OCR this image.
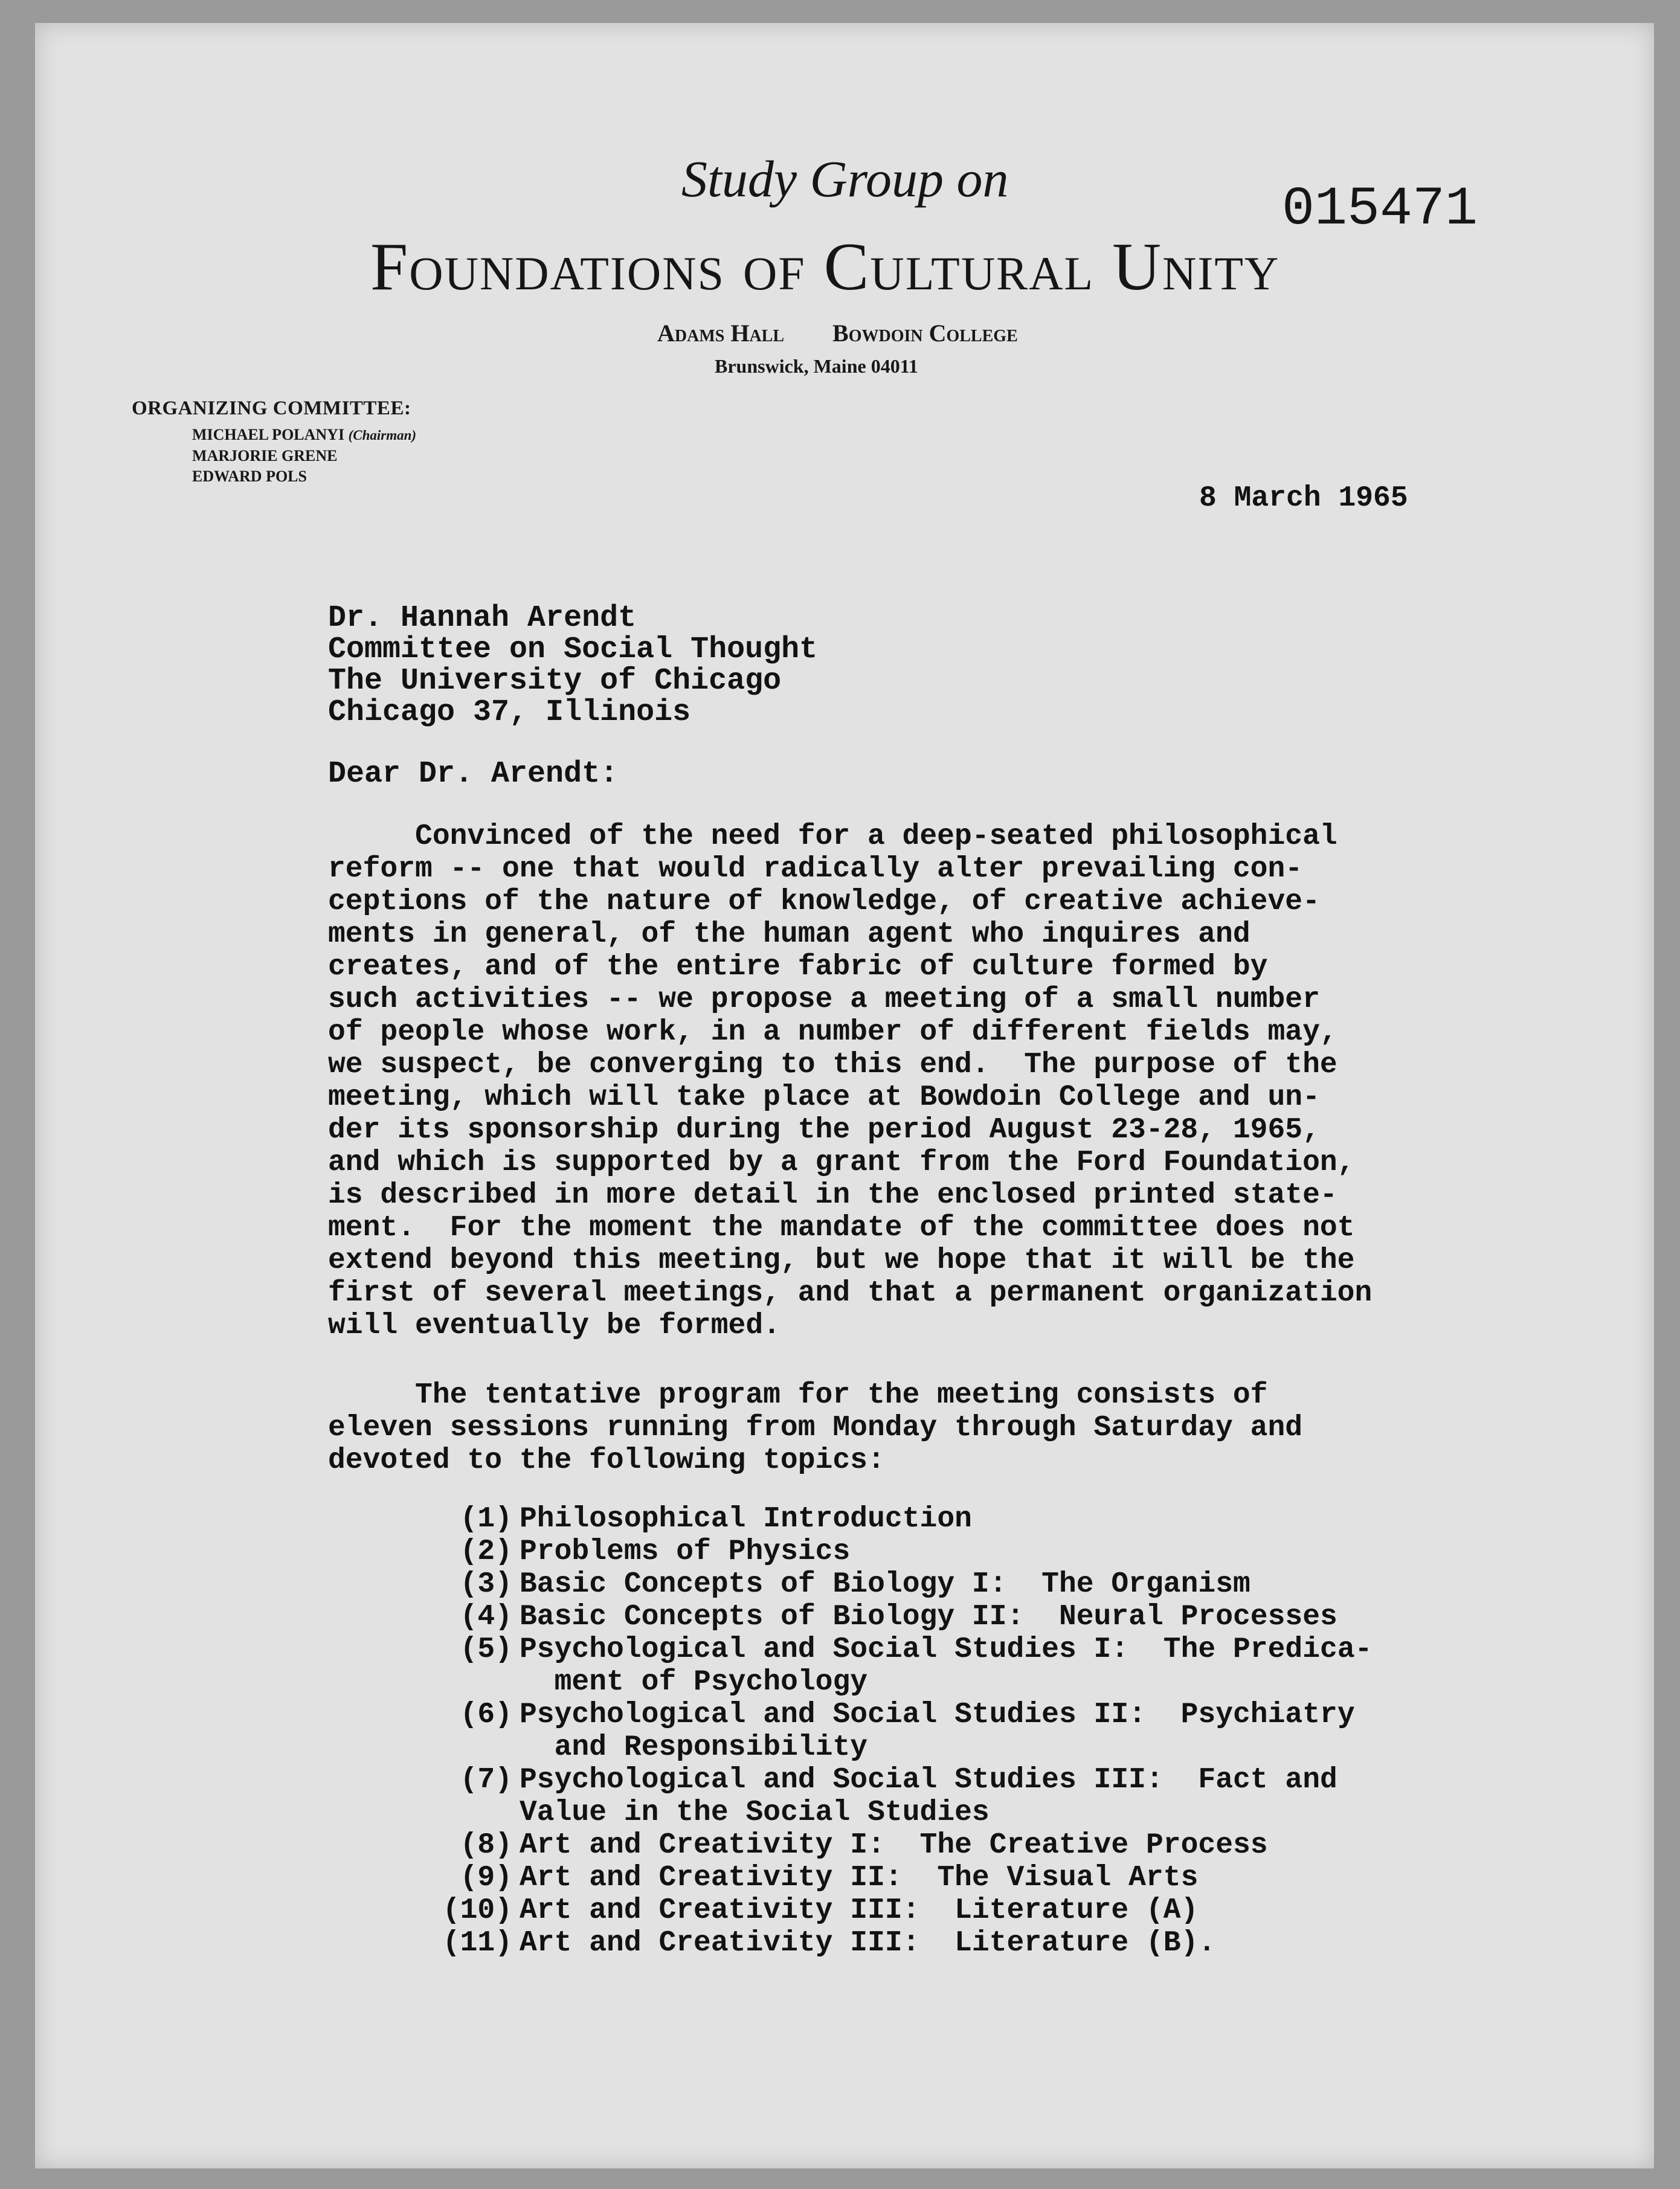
Study Group on	015471
Foundations of Cultural Unity
Adams Hall Bowdoin College
Brunswick, Maine 04011
ORGANIZING COMMITTEE:
MICHAEL POLANYI (Chairman)
MARJORIE GRENE
EDWARD POLS
8 March 1965
Dr. Hannah Arendt
Committee on Social Thought
The University of Chicago
Chicago 37, Illinois
Dear Dr. Arendt:
Convinced of the need for a deep-seated philosophical
reform -- one that would radically alter prevailing con-
ceptions of the nature of knowledge, of creative achieve-
ments in general, of the human agent who inquires and
creates, and of the entire fabric of culture formed by
such activities -- we propose a meeting of a small number
of people whose work, in a number of different fields may,
we suspect, be converging to this end.  The purpose of the
meeting, which will take place at Bowdoin College and un-
der its sponsorship during the period August 23-28, 1965,
and which is supported by a grant from the Ford Foundation,
is described in more detail in the enclosed printed state-
ment.  For the moment the mandate of the committee does not
extend beyond this meeting, but we hope that it will be the
first of several meetings, and that a permanent organization
will eventually be formed.
The tentative program for the meeting consists of
eleven sessions running from Monday through Saturday and
devoted to the following topics:
(1) Philosophical Introduction
(2) Problems of Physics
(3) Basic Concepts of Biology I:  The Organism
(4) Basic Concepts of Biology II:  Neural Processes
(5) Psychological and Social Studies I:  The Predica-
ment of Psychology
(6) Psychological and Social Studies II:  Psychiatry
and Responsibility
(7) Psychological and Social Studies III:  Fact and
Value in the Social Studies
(8) Art and Creativity I:  The Creative Process
(9) Art and Creativity II:  The Visual Arts
(10) Art and Creativity III:  Literature (A)
(11) Art and Creativity III:  Literature (B).
